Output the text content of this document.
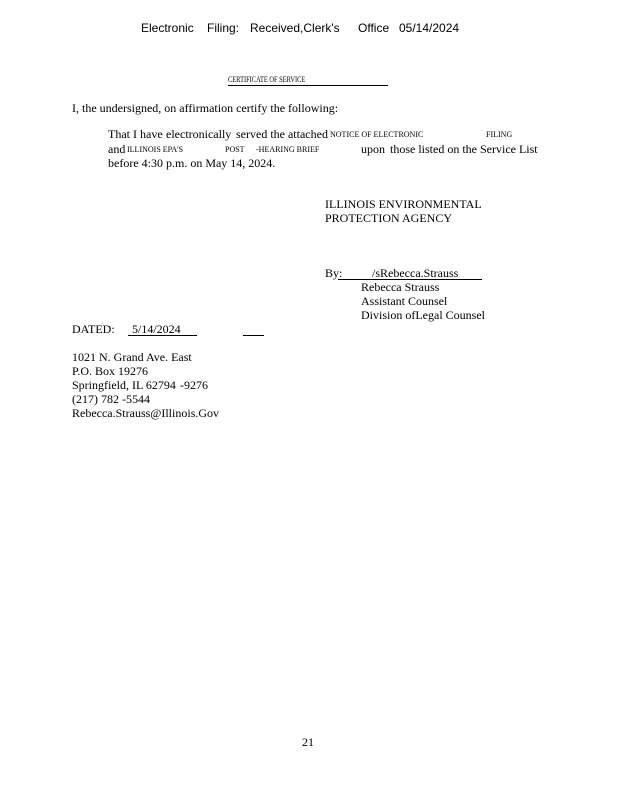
Electronic Filing: Received,Clerk's Office 05/14/2024
CERTIFICATE OF SERVICE
I, the undersigned, on affirmation certify the following:
That I have electronically served the attached NOTICE OF ELECTRONIC	FILING
and ILLINOIS EPA'S	POST -HEARING BRIEF	upon those listed on the Service List
before 4:30 p.m. on May 14, 2024.
ILLINOIS ENVIRONMENTAL
PROTECTION AGENCY
By: /sRebecca.Strauss
Rebecca Strauss
Assistant Counsel
Division ofLegal Counsel
DATED: 5/14/2024
1021 N. Grand Ave. East
P.O. Box 19276
Springfield, IL 62794 -9276
(217) 782 -5544
Rebecca.Strauss@Illinois.Gov
21
